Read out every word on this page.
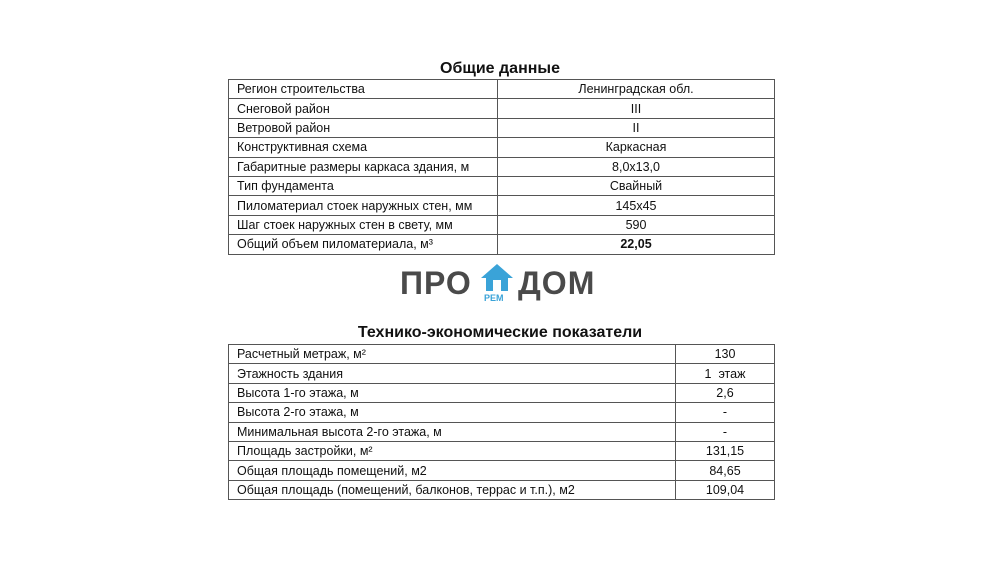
Общие данные
Регион строительства	Ленинградская обл.
Снеговой район	III
Ветровой район	II
Конструктивная схема	Каркасная
Габаритные размеры каркаса здания, м	8,0х13,0
Тип фундамента	Свайный
Пиломатериал стоек наружных стен, мм	145х45
Шаг стоек наружных стен в свету, мм	590
Общий объем пиломатериала, м³	22,05
ПРО РЕМ ДОМ
Технико-экономические показатели
Расчетный метраж, м²	130
Этажность здания	1  этаж
Высота 1-го этажа, м	2,6
Высота 2-го этажа, м	-
Минимальная высота 2-го этажа, м	-
Площадь застройки, м²	131,15
Общая площадь помещений, м2	84,65
Общая площадь (помещений, балконов, террас и т.п.), м2	109,04
